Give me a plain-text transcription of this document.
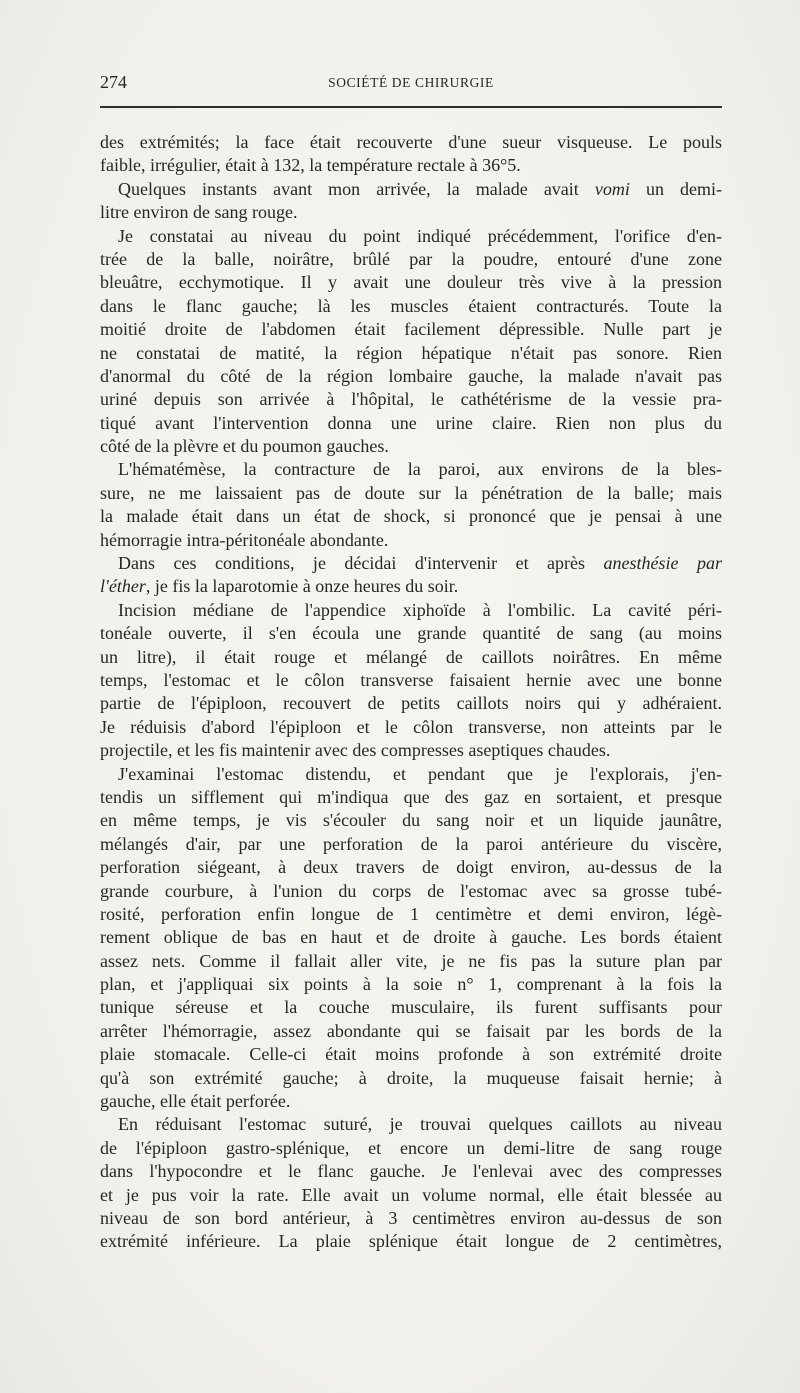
274	SOCIÉTÉ DE CHIRURGIE
des extrémités; la face était recouverte d'une sueur visqueuse. Le pouls
faible, irrégulier, était à 132, la température rectale à 36°5.
Quelques instants avant mon arrivée, la malade avait vomi un demi-
litre environ de sang rouge.
Je constatai au niveau du point indiqué précédemment, l'orifice d'en-
trée de la balle, noirâtre, brûlé par la poudre, entouré d'une zone
bleuâtre, ecchymotique. Il y avait une douleur très vive à la pression
dans le flanc gauche; là les muscles étaient contracturés. Toute la
moitié droite de l'abdomen était facilement dépressible. Nulle part je
ne constatai de matité, la région hépatique n'était pas sonore. Rien
d'anormal du côté de la région lombaire gauche, la malade n'avait pas
uriné depuis son arrivée à l'hôpital, le cathétérisme de la vessie pra-
tiqué avant l'intervention donna une urine claire. Rien non plus du
côté de la plèvre et du poumon gauches.
L'hématémèse, la contracture de la paroi, aux environs de la bles-
sure, ne me laissaient pas de doute sur la pénétration de la balle; mais
la malade était dans un état de shock, si prononcé que je pensai à une
hémorragie intra-péritonéale abondante.
Dans ces conditions, je décidai d'intervenir et après anesthésie par
l'éther, je fis la laparotomie à onze heures du soir.
Incision médiane de l'appendice xiphoïde à l'ombilic. La cavité péri-
tonéale ouverte, il s'en écoula une grande quantité de sang (au moins
un litre), il était rouge et mélangé de caillots noirâtres. En même
temps, l'estomac et le côlon transverse faisaient hernie avec une bonne
partie de l'épiploon, recouvert de petits caillots noirs qui y adhéraient.
Je réduisis d'abord l'épiploon et le côlon transverse, non atteints par le
projectile, et les fis maintenir avec des compresses aseptiques chaudes.
J'examinai l'estomac distendu, et pendant que je l'explorais, j'en-
tendis un sifflement qui m'indiqua que des gaz en sortaient, et presque
en même temps, je vis s'écouler du sang noir et un liquide jaunâtre,
mélangés d'air, par une perforation de la paroi antérieure du viscère,
perforation siégeant, à deux travers de doigt environ, au-dessus de la
grande courbure, à l'union du corps de l'estomac avec sa grosse tubé-
rosité, perforation enfin longue de 1 centimètre et demi environ, légè-
rement oblique de bas en haut et de droite à gauche. Les bords étaient
assez nets. Comme il fallait aller vite, je ne fis pas la suture plan par
plan, et j'appliquai six points à la soie n° 1, comprenant à la fois la
tunique séreuse et la couche musculaire, ils furent suffisants pour
arrêter l'hémorragie, assez abondante qui se faisait par les bords de la
plaie stomacale. Celle-ci était moins profonde à son extrémité droite
qu'à son extrémité gauche; à droite, la muqueuse faisait hernie; à
gauche, elle était perforée.
En réduisant l'estomac suturé, je trouvai quelques caillots au niveau
de l'épiploon gastro-splénique, et encore un demi-litre de sang rouge
dans l'hypocondre et le flanc gauche. Je l'enlevai avec des compresses
et je pus voir la rate. Elle avait un volume normal, elle était blessée au
niveau de son bord antérieur, à 3 centimètres environ au-dessus de son
extrémité inférieure. La plaie splénique était longue de 2 centimètres,
